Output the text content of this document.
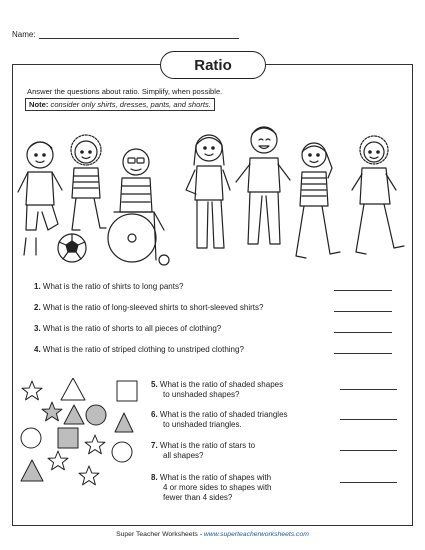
Name:
Ratio
Answer the questions about ratio. Simplify, when possible.
Note: consider only shirts, dresses, pants, and shorts.
1. What is the ratio of shirts to long pants?
2. What is the ratio of long-sleeved shirts to short-sleeved shirts?
3. What is the ratio of shorts to all pieces of clothing?
4. What is the ratio of striped clothing to unstriped clothing?
5. What is the ratio of shaded shapes
to unshaded shapes?
6. What is the ratio of shaded triangles
to unshaded triangles.
7. What is the ratio of stars to
all shapes?
8. What is the ratio of shapes with
4 or more sides to shapes with
fewer than 4 sides?
Super Teacher Worksheets - www.superteacherworksheets.com
